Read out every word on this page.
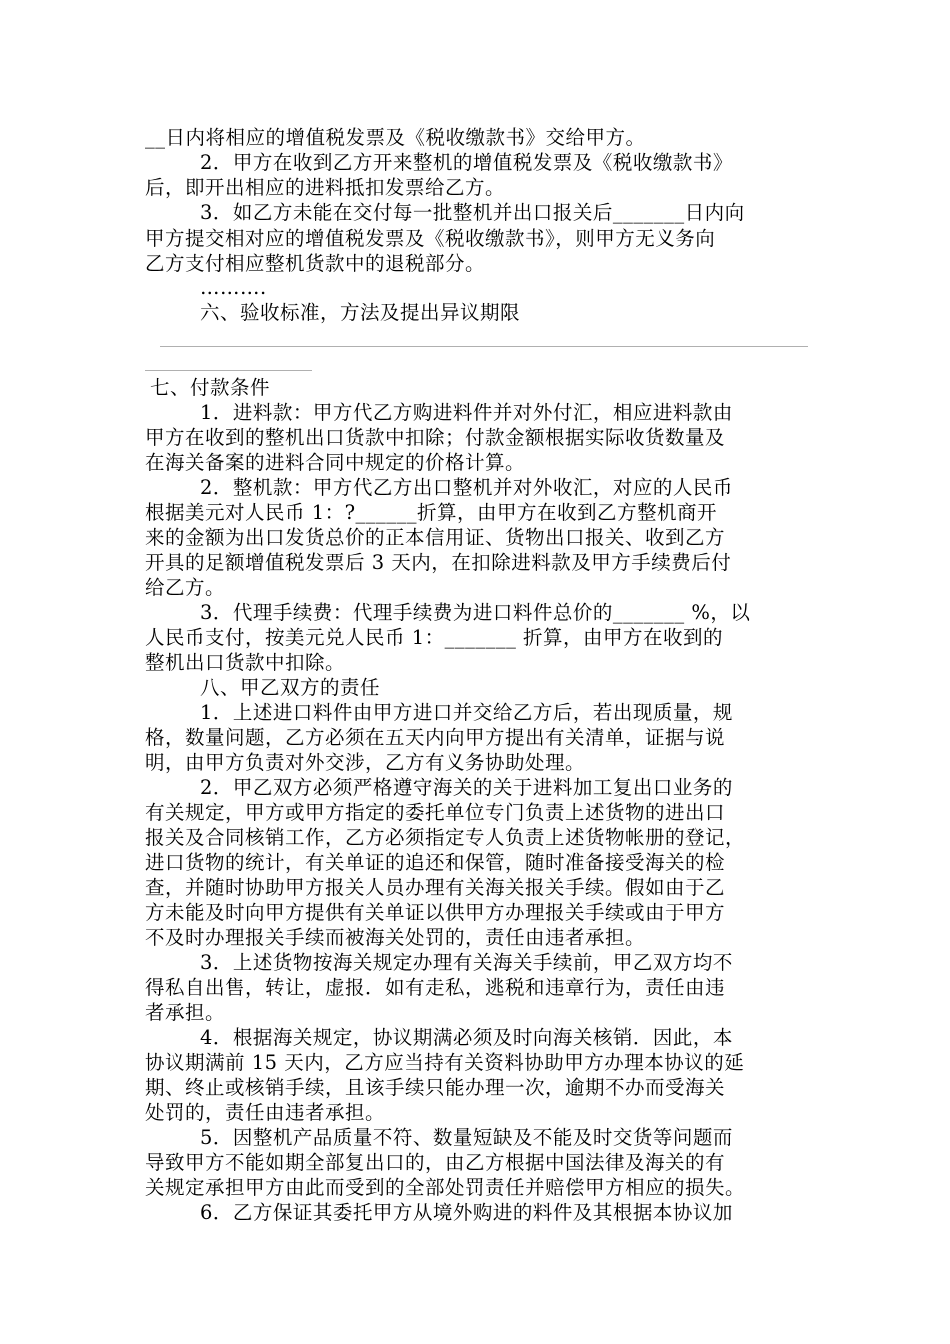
__日内将相应的增值税发票及《税收缴款书》交给甲方。
2．甲方在收到乙方开来整机的增值税发票及《税收缴款书》
后，即开出相应的进料抵扣发票给乙方。
3．如乙方未能在交付每一批整机并出口报关后_______日内向
甲方提交相对应的增值税发票及《税收缴款书》，则甲方无义务向
乙方支付相应整机货款中的退税部分。
……….
六、验收标准，方法及提出异议期限
七、付款条件
1．进料款：甲方代乙方购进料件并对外付汇，相应进料款由
甲方在收到的整机出口货款中扣除；付款金额根据实际收货数量及
在海关备案的进料合同中规定的价格计算。
2．整机款：甲方代乙方出口整机并对外收汇，对应的人民币
根据美元对人民币 1：?______折算，由甲方在收到乙方整机商开
来的金额为出口发货总价的正本信用证、货物出口报关、收到乙方
开具的足额增值税发票后 3 天内，在扣除进料款及甲方手续费后付
给乙方。
3．代理手续费：代理手续费为进口料件总价的_______ %，以
人民币支付，按美元兑人民币 1：_______ 折算，由甲方在收到的
整机出口货款中扣除。
八、甲乙双方的责任
1．上述进口料件由甲方进口并交给乙方后，若出现质量，规
格，数量问题，乙方必须在五天内向甲方提出有关清单，证据与说
明，由甲方负责对外交涉，乙方有义务协助处理。
2．甲乙双方必须严格遵守海关的关于进料加工复出口业务的
有关规定，甲方或甲方指定的委托单位专门负责上述货物的进出口
报关及合同核销工作，乙方必须指定专人负责上述货物帐册的登记，
进口货物的统计，有关单证的追还和保管，随时准备接受海关的检
查，并随时协助甲方报关人员办理有关海关报关手续。假如由于乙
方未能及时向甲方提供有关单证以供甲方办理报关手续或由于甲方
不及时办理报关手续而被海关处罚的，责任由违者承担。
3．上述货物按海关规定办理有关海关手续前，甲乙双方均不
得私自出售，转让，虚报．如有走私，逃税和违章行为，责任由违
者承担。
4．根据海关规定，协议期满必须及时向海关核销．因此，本
协议期满前 15 天内，乙方应当持有关资料协助甲方办理本协议的延
期、终止或核销手续，且该手续只能办理一次，逾期不办而受海关
处罚的，责任由违者承担。
5．因整机产品质量不符、数量短缺及不能及时交货等问题而
导致甲方不能如期全部复出口的，由乙方根据中国法律及海关的有
关规定承担甲方由此而受到的全部处罚责任并赔偿甲方相应的损失。
6．乙方保证其委托甲方从境外购进的料件及其根据本协议加
